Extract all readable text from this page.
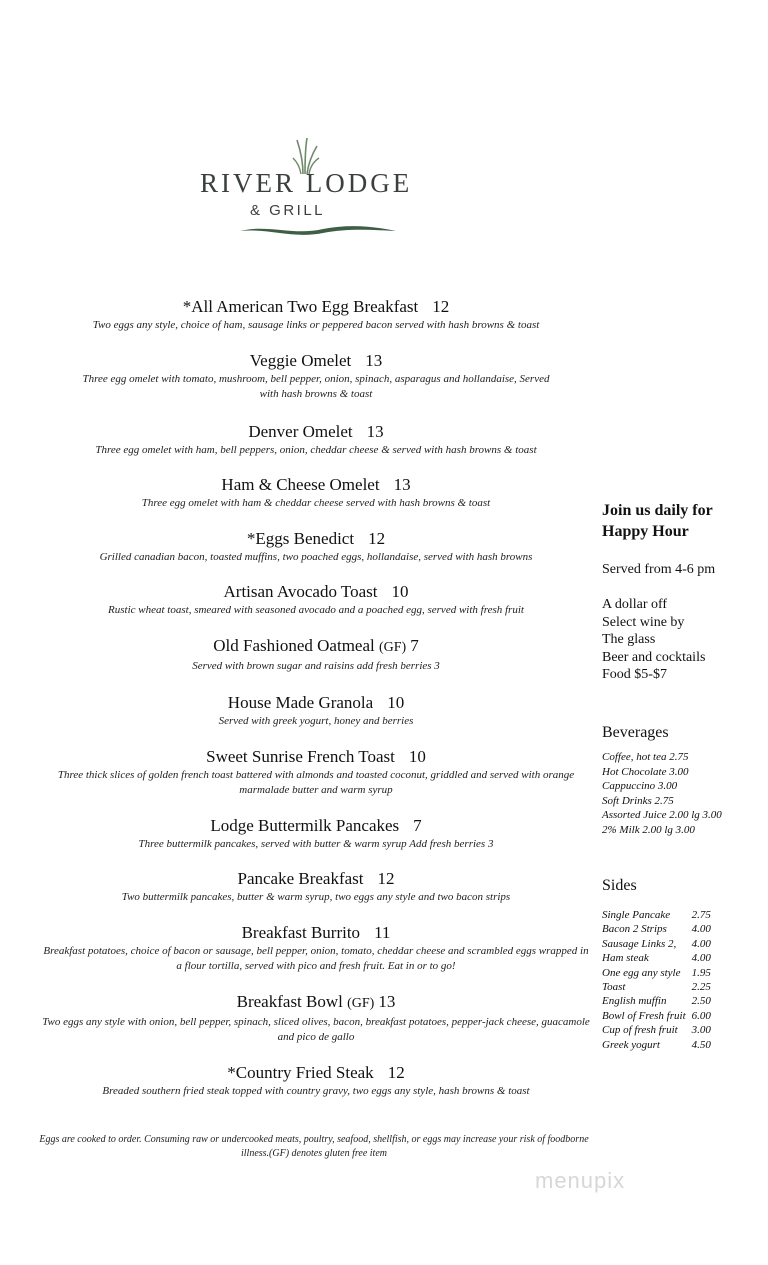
RIVER LODGE
& GRILL
*All American Two Egg Breakfast 12
Two eggs any style, choice of ham, sausage links or peppered bacon served with hash browns & toast
Veggie Omelet 13
Three egg omelet with tomato, mushroom, bell pepper, onion, spinach, asparagus and hollandaise, Served with hash browns & toast
Denver Omelet 13
Three egg omelet with ham, bell peppers, onion, cheddar cheese & served with hash browns & toast
Ham & Cheese Omelet 13
Three egg omelet with ham & cheddar cheese served with hash browns & toast
*Eggs Benedict 12
Grilled canadian bacon, toasted muffins, two poached eggs, hollandaise, served with hash browns
Artisan Avocado Toast 10
Rustic wheat toast, smeared with seasoned avocado and a poached egg, served with fresh fruit
Old Fashioned Oatmeal (GF) 7
Served with brown sugar and raisins add fresh berries 3
House Made Granola 10
Served with greek yogurt, honey and berries
Sweet Sunrise French Toast 10
Three thick slices of golden french toast battered with almonds and toasted coconut, griddled and served with orange marmalade butter and warm syrup
Lodge Buttermilk Pancakes 7
Three buttermilk pancakes, served with butter & warm syrup Add fresh berries 3
Pancake Breakfast 12
Two buttermilk pancakes, butter & warm syrup, two eggs any style and two bacon strips
Breakfast Burrito 11
Breakfast potatoes, choice of bacon or sausage, bell pepper, onion, tomato, cheddar cheese and scrambled eggs wrapped in a flour tortilla, served with pico and fresh fruit. Eat in or to go!
Breakfast Bowl (GF) 13
Two eggs any style with onion, bell pepper, spinach, sliced olives, bacon, breakfast potatoes, pepper-jack cheese, guacamole and pico de gallo
*Country Fried Steak 12
Breaded southern fried steak topped with country gravy, two eggs any style, hash browns & toast
Eggs are cooked to order. Consuming raw or undercooked meats, poultry, seafood, shellfish, or eggs may increase your risk of foodborne illness.(GF) denotes gluten free item
Join us daily for Happy Hour
Served from 4-6 pm
A dollar off
Select wine by
The glass
Beer and cocktails
Food $5-$7
Beverages
Coffee, hot tea 2.75
Hot Chocolate 3.00
Cappuccino 3.00
Soft Drinks 2.75
Assorted Juice 2.00 lg 3.00
2% Milk 2.00 lg 3.00
Sides
Single Pancake	2.75
Bacon 2 Strips	4.00
Sausage Links 2,	4.00
Ham steak	4.00
One egg any style	1.95
Toast	2.25
English muffin	2.50
Bowl of Fresh fruit	6.00
Cup of fresh fruit	3.00
Greek yogurt	4.50
menupix
